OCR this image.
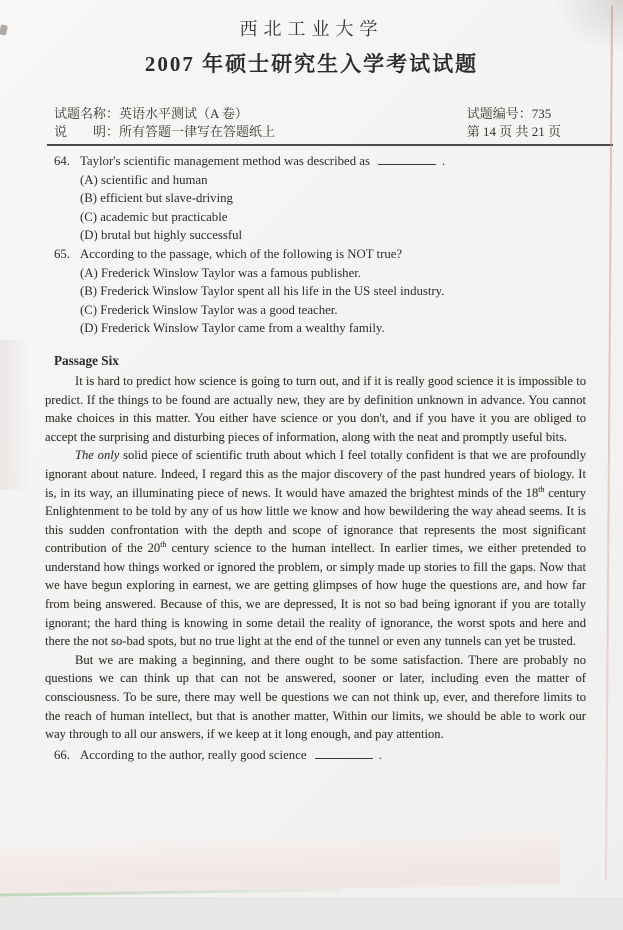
西北工业大学
2007 年硕士研究生入学考试试题
试题名称：英语水平测试（A 卷）
说　　明：所有答题一律写在答题纸上
试题编号：735
第 14 页 共 21 页
64. Taylor's scientific management method was described as	.
(A) scientific and human
(B) efficient but slave-driving
(C) academic but practicable
(D) brutal but highly successful
65. According to the passage, which of the following is NOT true?
(A) Frederick Winslow Taylor was a famous publisher.
(B) Frederick Winslow Taylor spent all his life in the US steel industry.
(C) Frederick Winslow Taylor was a good teacher.
(D) Frederick Winslow Taylor came from a wealthy family.
Passage Six

It is hard to predict how science is going to turn out, and if it is really good science it is impossible to predict. If the things to be found are actually new, they are by definition unknown in advance. You cannot make choices in this matter. You either have science or you don't, and if you have it you are obliged to accept the surprising and disturbing pieces of information, along with the neat and promptly useful bits.

The only solid piece of scientific truth about which I feel totally confident is that we are profoundly ignorant about nature. Indeed, I regard this as the major discovery of the past hundred years of biology. It is, in its way, an illuminating piece of news. It would have amazed the brightest minds of the 18th century Enlightenment to be told by any of us how little we know and how bewildering the way ahead seems. It is this sudden confrontation with the depth and scope of ignorance that represents the most significant contribution of the 20th century science to the human intellect. In earlier times, we either pretended to understand how things worked or ignored the problem, or simply made up stories to fill the gaps. Now that we have begun exploring in earnest, we are getting glimpses of how huge the questions are, and how far from being answered. Because of this, we are depressed, It is not so bad being ignorant if you are totally ignorant; the hard thing is knowing in some detail the reality of ignorance, the worst spots and here and there the not so-bad spots, but no true light at the end of the tunnel or even any tunnels can yet be trusted.

But we are making a beginning, and there ought to be some satisfaction. There are probably no questions we can think up that can not be answered, sooner or later, including even the matter of consciousness. To be sure, there may well be questions we can not think up, ever, and therefore limits to the reach of human intellect, but that is another matter, Within our limits, we should be able to work our way through to all our answers, if we keep at it long enough, and pay attention.

66. According to the author, really good science	.
